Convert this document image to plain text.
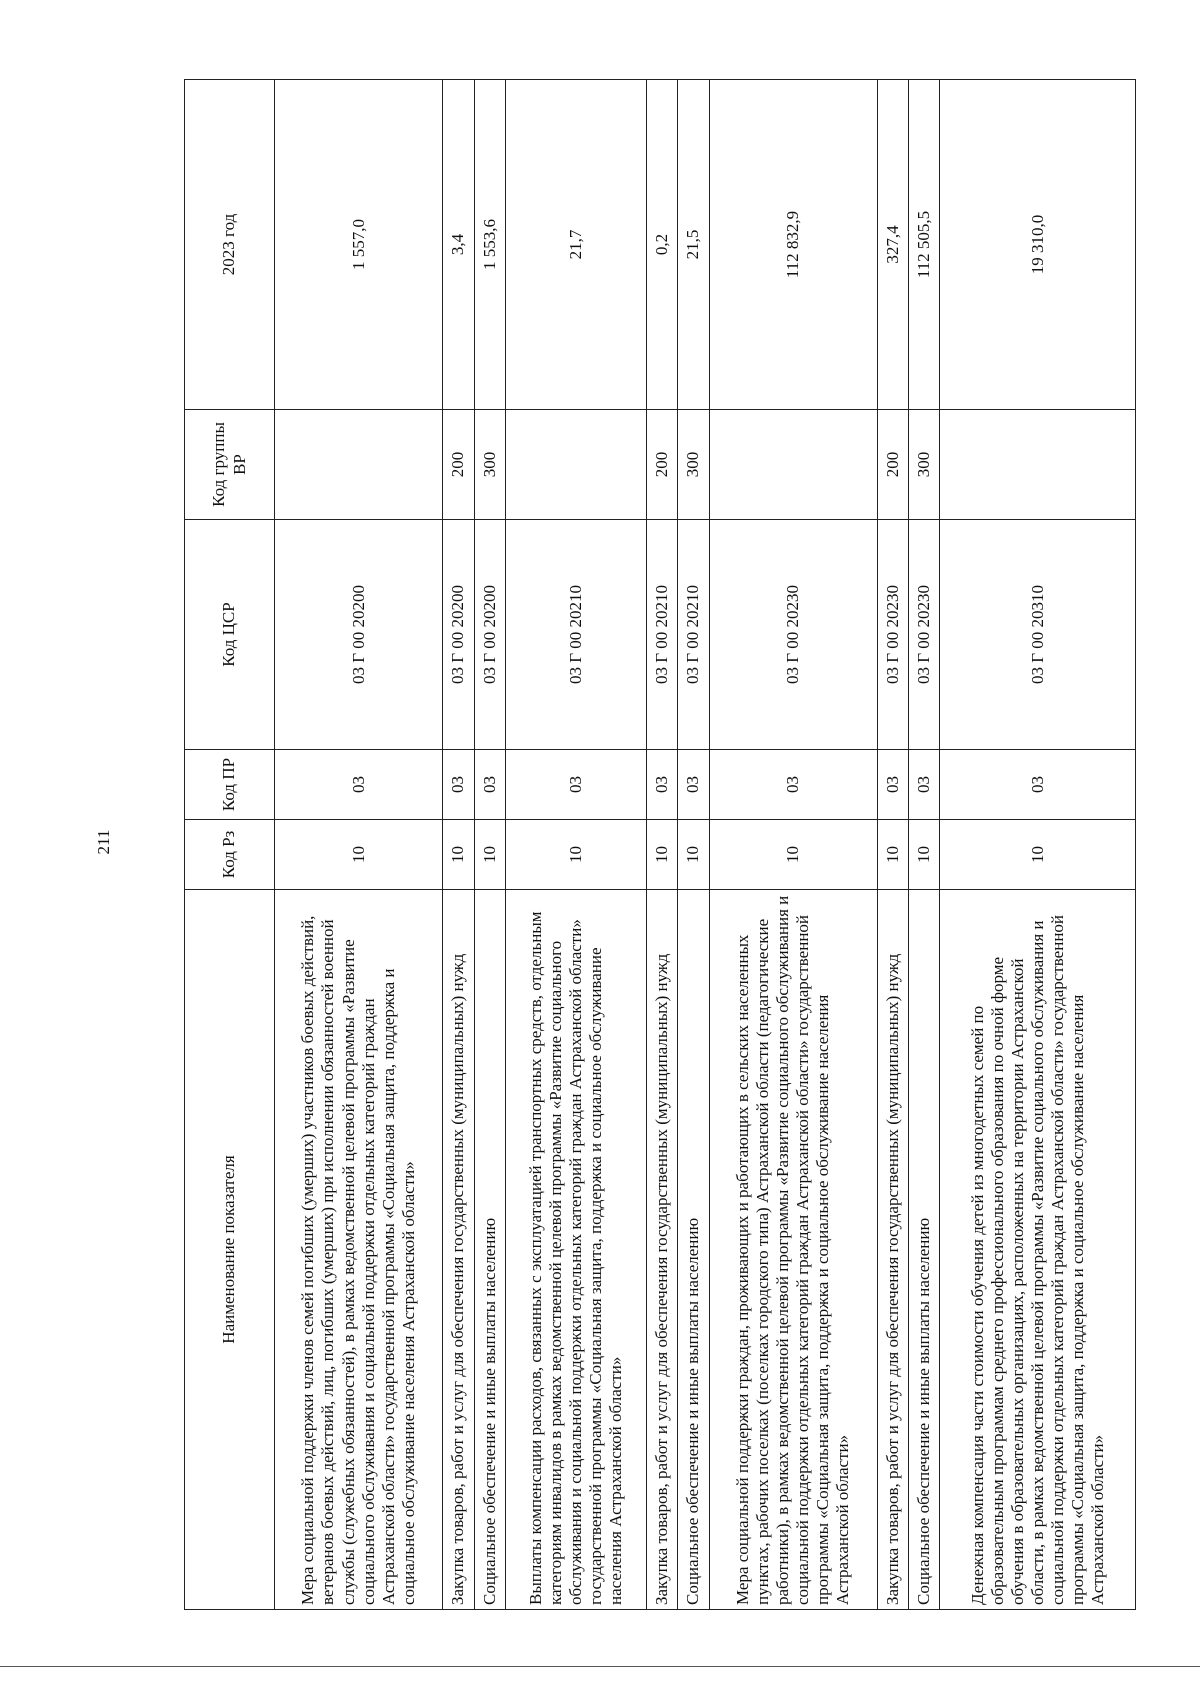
211
Наименование показателя	Код Рз	Код ПР	Код ЦСР	Код группы ВР	2023 год
Мера социальной поддержки членов семей погибших (умерших) участников боевых действий, ветеранов боевых действий, лиц, погибших (умерших) при исполнении обязанностей военной службы (служебных обязанностей), в рамках ведомственной целевой программы «Развитие социального обслуживания и социальной поддержки отдельных категорий граждан Астраханской области» государственной программы «Социальная защита, поддержка и социальное обслуживание населения Астраханской области»	10	03	03 Г 00 20200		1 557,0
Закупка товаров, работ и услуг для обеспечения государственных (муниципальных) нужд	10	03	03 Г 00 20200	200	3,4
Социальное обеспечение и иные выплаты населению	10	03	03 Г 00 20200	300	1 553,6
Выплаты компенсации расходов, связанных с эксплуатацией транспортных средств, отдельным категориям инвалидов в рамках ведомственной целевой программы «Развитие социального обслуживания и социальной поддержки отдельных категорий граждан Астраханской области» государственной программы «Социальная защита, поддержка и социальное обслуживание населения Астраханской области»	10	03	03 Г 00 20210		21,7
Закупка товаров, работ и услуг для обеспечения государственных (муниципальных) нужд	10	03	03 Г 00 20210	200	0,2
Социальное обеспечение и иные выплаты населению	10	03	03 Г 00 20210	300	21,5
Мера социальной поддержки граждан, проживающих и работающих в сельских населенных пунктах, рабочих поселках (поселках городского типа) Астраханской области (педагогические работники), в рамках ведомственной целевой программы «Развитие социального обслуживания и социальной поддержки отдельных категорий граждан Астраханской области» государственной программы «Социальная защита, поддержка и социальное обслуживание населения Астраханской области»	10	03	03 Г 00 20230		112 832,9
Закупка товаров, работ и услуг для обеспечения государственных (муниципальных) нужд	10	03	03 Г 00 20230	200	327,4
Социальное обеспечение и иные выплаты населению	10	03	03 Г 00 20230	300	112 505,5
Денежная компенсация части стоимости обучения детей из многодетных семей по образовательным программам среднего профессионального образования по очной форме обучения в образовательных организациях, расположенных на территории Астраханской области, в рамках ведомственной целевой программы «Развитие социального обслуживания и социальной поддержки отдельных категорий граждан Астраханской области» государственной программы «Социальная защита, поддержка и социальное обслуживание населения Астраханской области»	10	03	03 Г 00 20310		19 310,0
